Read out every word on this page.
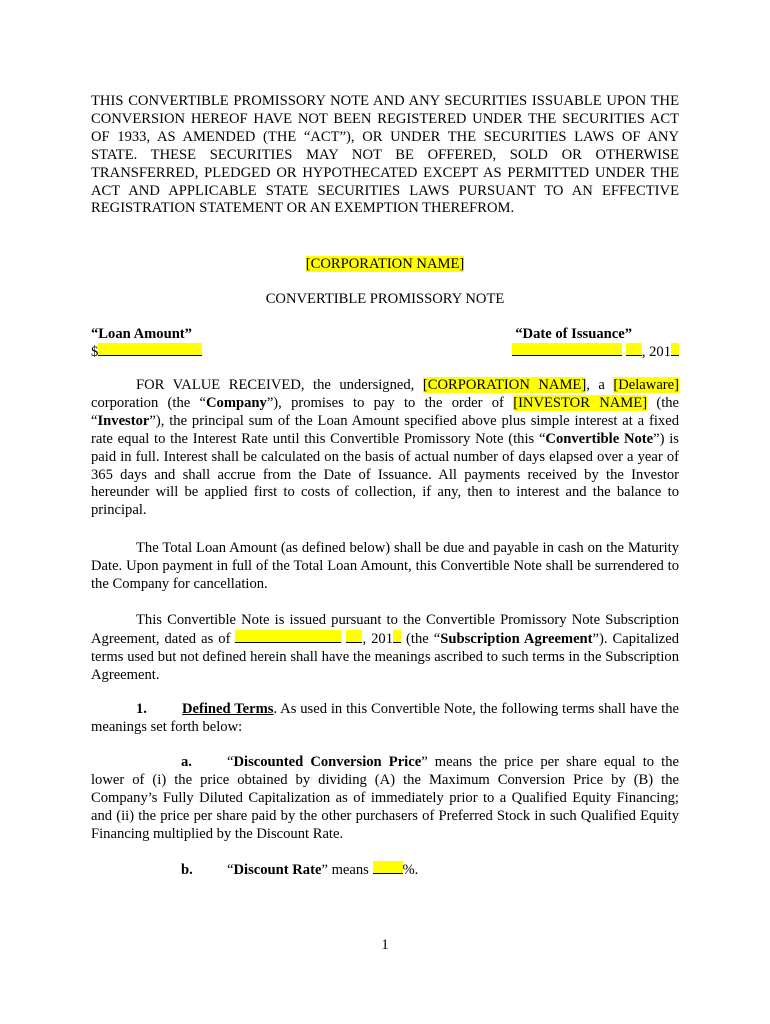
THIS CONVERTIBLE PROMISSORY NOTE AND ANY SECURITIES ISSUABLE UPON THE CONVERSION HEREOF HAVE NOT BEEN REGISTERED UNDER THE SECURITIES ACT OF 1933, AS AMENDED (THE “ACT”), OR UNDER THE SECURITIES LAWS OF ANY STATE. THESE SECURITIES MAY NOT BE OFFERED, SOLD OR OTHERWISE TRANSFERRED, PLEDGED OR HYPOTHECATED EXCEPT AS PERMITTED UNDER THE ACT AND APPLICABLE STATE SECURITIES LAWS PURSUANT TO AN EFFECTIVE REGISTRATION STATEMENT OR AN EXEMPTION THEREFROM.
[CORPORATION NAME]
CONVERTIBLE PROMISSORY NOTE
“Loan Amount”
$
“Date of Issuance”
, 201
FOR VALUE RECEIVED, the undersigned, [CORPORATION NAME], a [Delaware] corporation (the “Company”), promises to pay to the order of [INVESTOR NAME] (the “Investor”), the principal sum of the Loan Amount specified above plus simple interest at a fixed rate equal to the Interest Rate until this Convertible Promissory Note (this “Convertible Note”) is paid in full. Interest shall be calculated on the basis of actual number of days elapsed over a year of 365 days and shall accrue from the Date of Issuance. All payments received by the Investor hereunder will be applied first to costs of collection, if any, then to interest and the balance to principal.
The Total Loan Amount (as defined below) shall be due and payable in cash on the Maturity Date. Upon payment in full of the Total Loan Amount, this Convertible Note shall be surrendered to the Company for cancellation.
This Convertible Note is issued pursuant to the Convertible Promissory Note Subscription Agreement, dated as of	, 201 (the “Subscription Agreement”). Capitalized terms used but not defined herein shall have the meanings ascribed to such terms in the Subscription Agreement.
1. Defined Terms. As used in this Convertible Note, the following terms shall have the meanings set forth below:
a. “Discounted Conversion Price” means the price per share equal to the lower of (i) the price obtained by dividing (A) the Maximum Conversion Price by (B) the Company’s Fully Diluted Capitalization as of immediately prior to a Qualified Equity Financing; and (ii) the price per share paid by the other purchasers of Preferred Stock in such Qualified Equity Financing multiplied by the Discount Rate.
b. “Discount Rate” means %.
1
